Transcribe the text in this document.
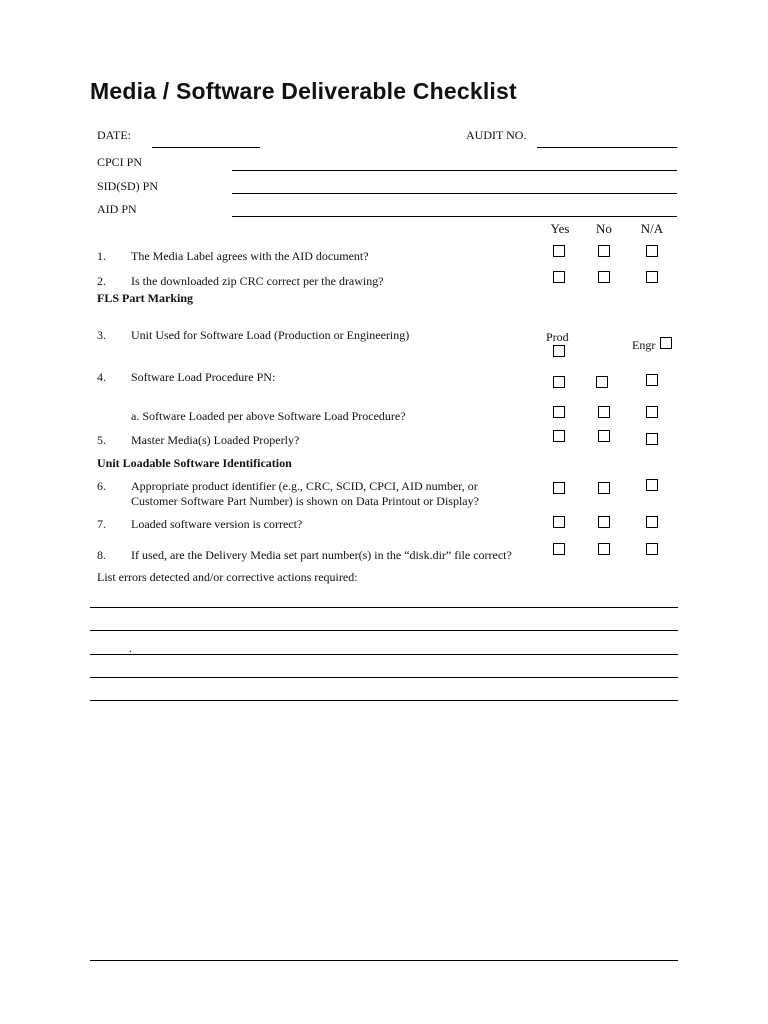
Media / Software Deliverable Checklist
DATE:	AUDIT NO.
CPCI PN
SID(SD) PN
AID PN
Yes	No	N/A
1. The Media Label agrees with the AID document?
2. Is the downloaded zip CRC correct per the drawing?
FLS Part Marking
3. Unit Used for Software Load (Production or Engineering)	Prod
Engr
4. Software Load Procedure PN:
a. Software Loaded per above Software Load Procedure?
5. Master Media(s) Loaded Properly?
Unit Loadable Software Identification
6. Appropriate product identifier (e.g., CRC, SCID, CPCI, AID number, or
Customer Software Part Number) is shown on Data Printout or Display?
7. Loaded software version is correct?
8. If used, are the Delivery Media set part number(s) in the “disk.dir” file correct?
List errors detected and/or corrective actions required:
.
